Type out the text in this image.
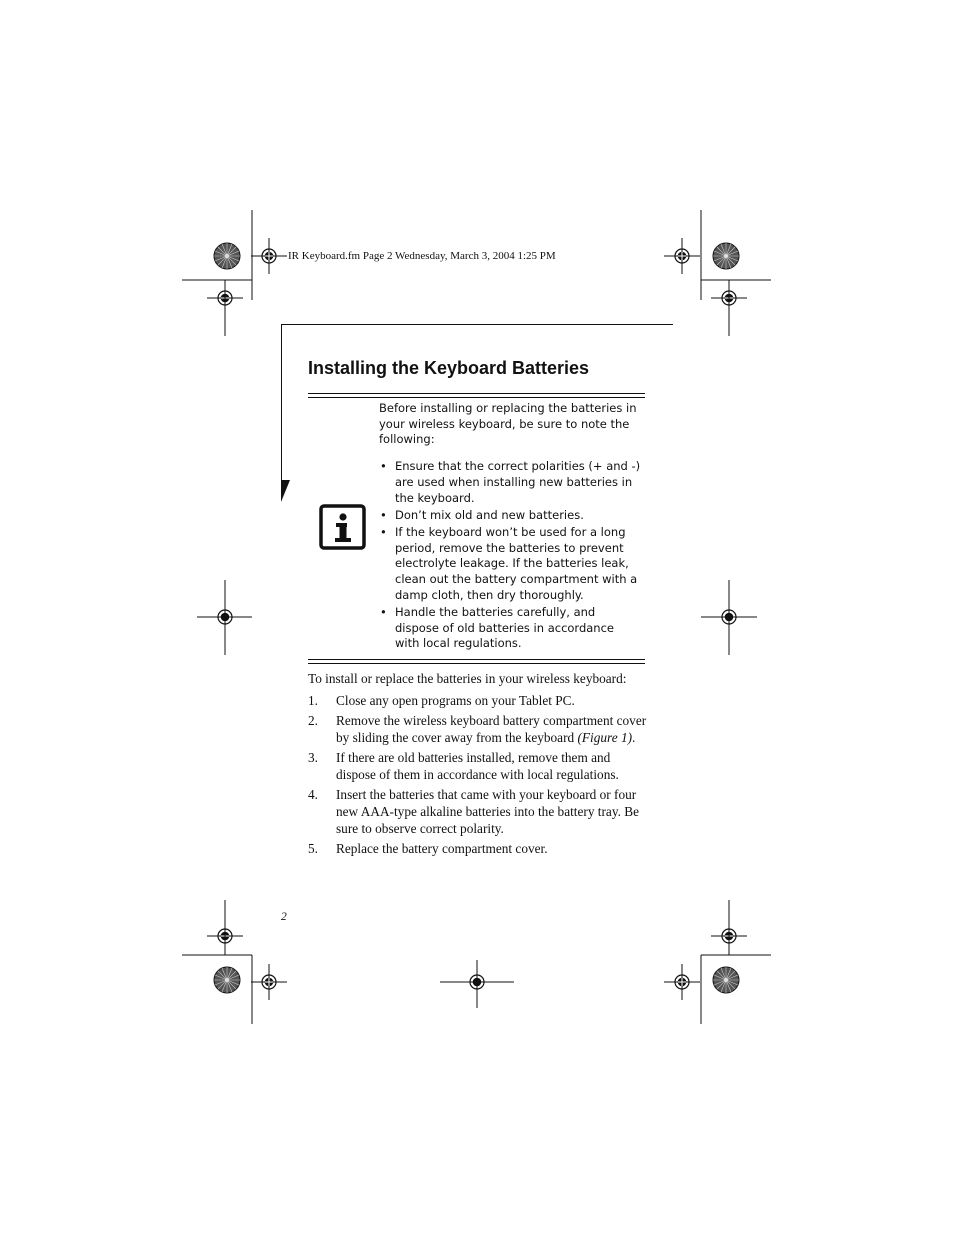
IR Keyboard.fm Page 2 Wednesday, March 3, 2004 1:25 PM
Installing the Keyboard Batteries

Before installing or replacing the batteries in your wireless keyboard, be sure to note the following:

• Ensure that the correct polarities (+ and -) are used when installing new batteries in the keyboard.
• Don’t mix old and new batteries.
• If the keyboard won’t be used for a long period, remove the batteries to prevent electrolyte leakage. If the batteries leak, clean out the battery compartment with a damp cloth, then dry thoroughly.
• Handle the batteries carefully, and dispose of old batteries in accordance with local regulations.

To install or replace the batteries in your wireless keyboard:

1. Close any open programs on your Tablet PC.
2. Remove the wireless keyboard battery compartment cover by sliding the cover away from the keyboard (Figure 1).
3. If there are old batteries installed, remove them and dispose of them in accordance with local regulations.
4. Insert the batteries that came with your keyboard or four new AAA-type alkaline batteries into the battery tray. Be sure to observe correct polarity.
5. Replace the battery compartment cover.
2
